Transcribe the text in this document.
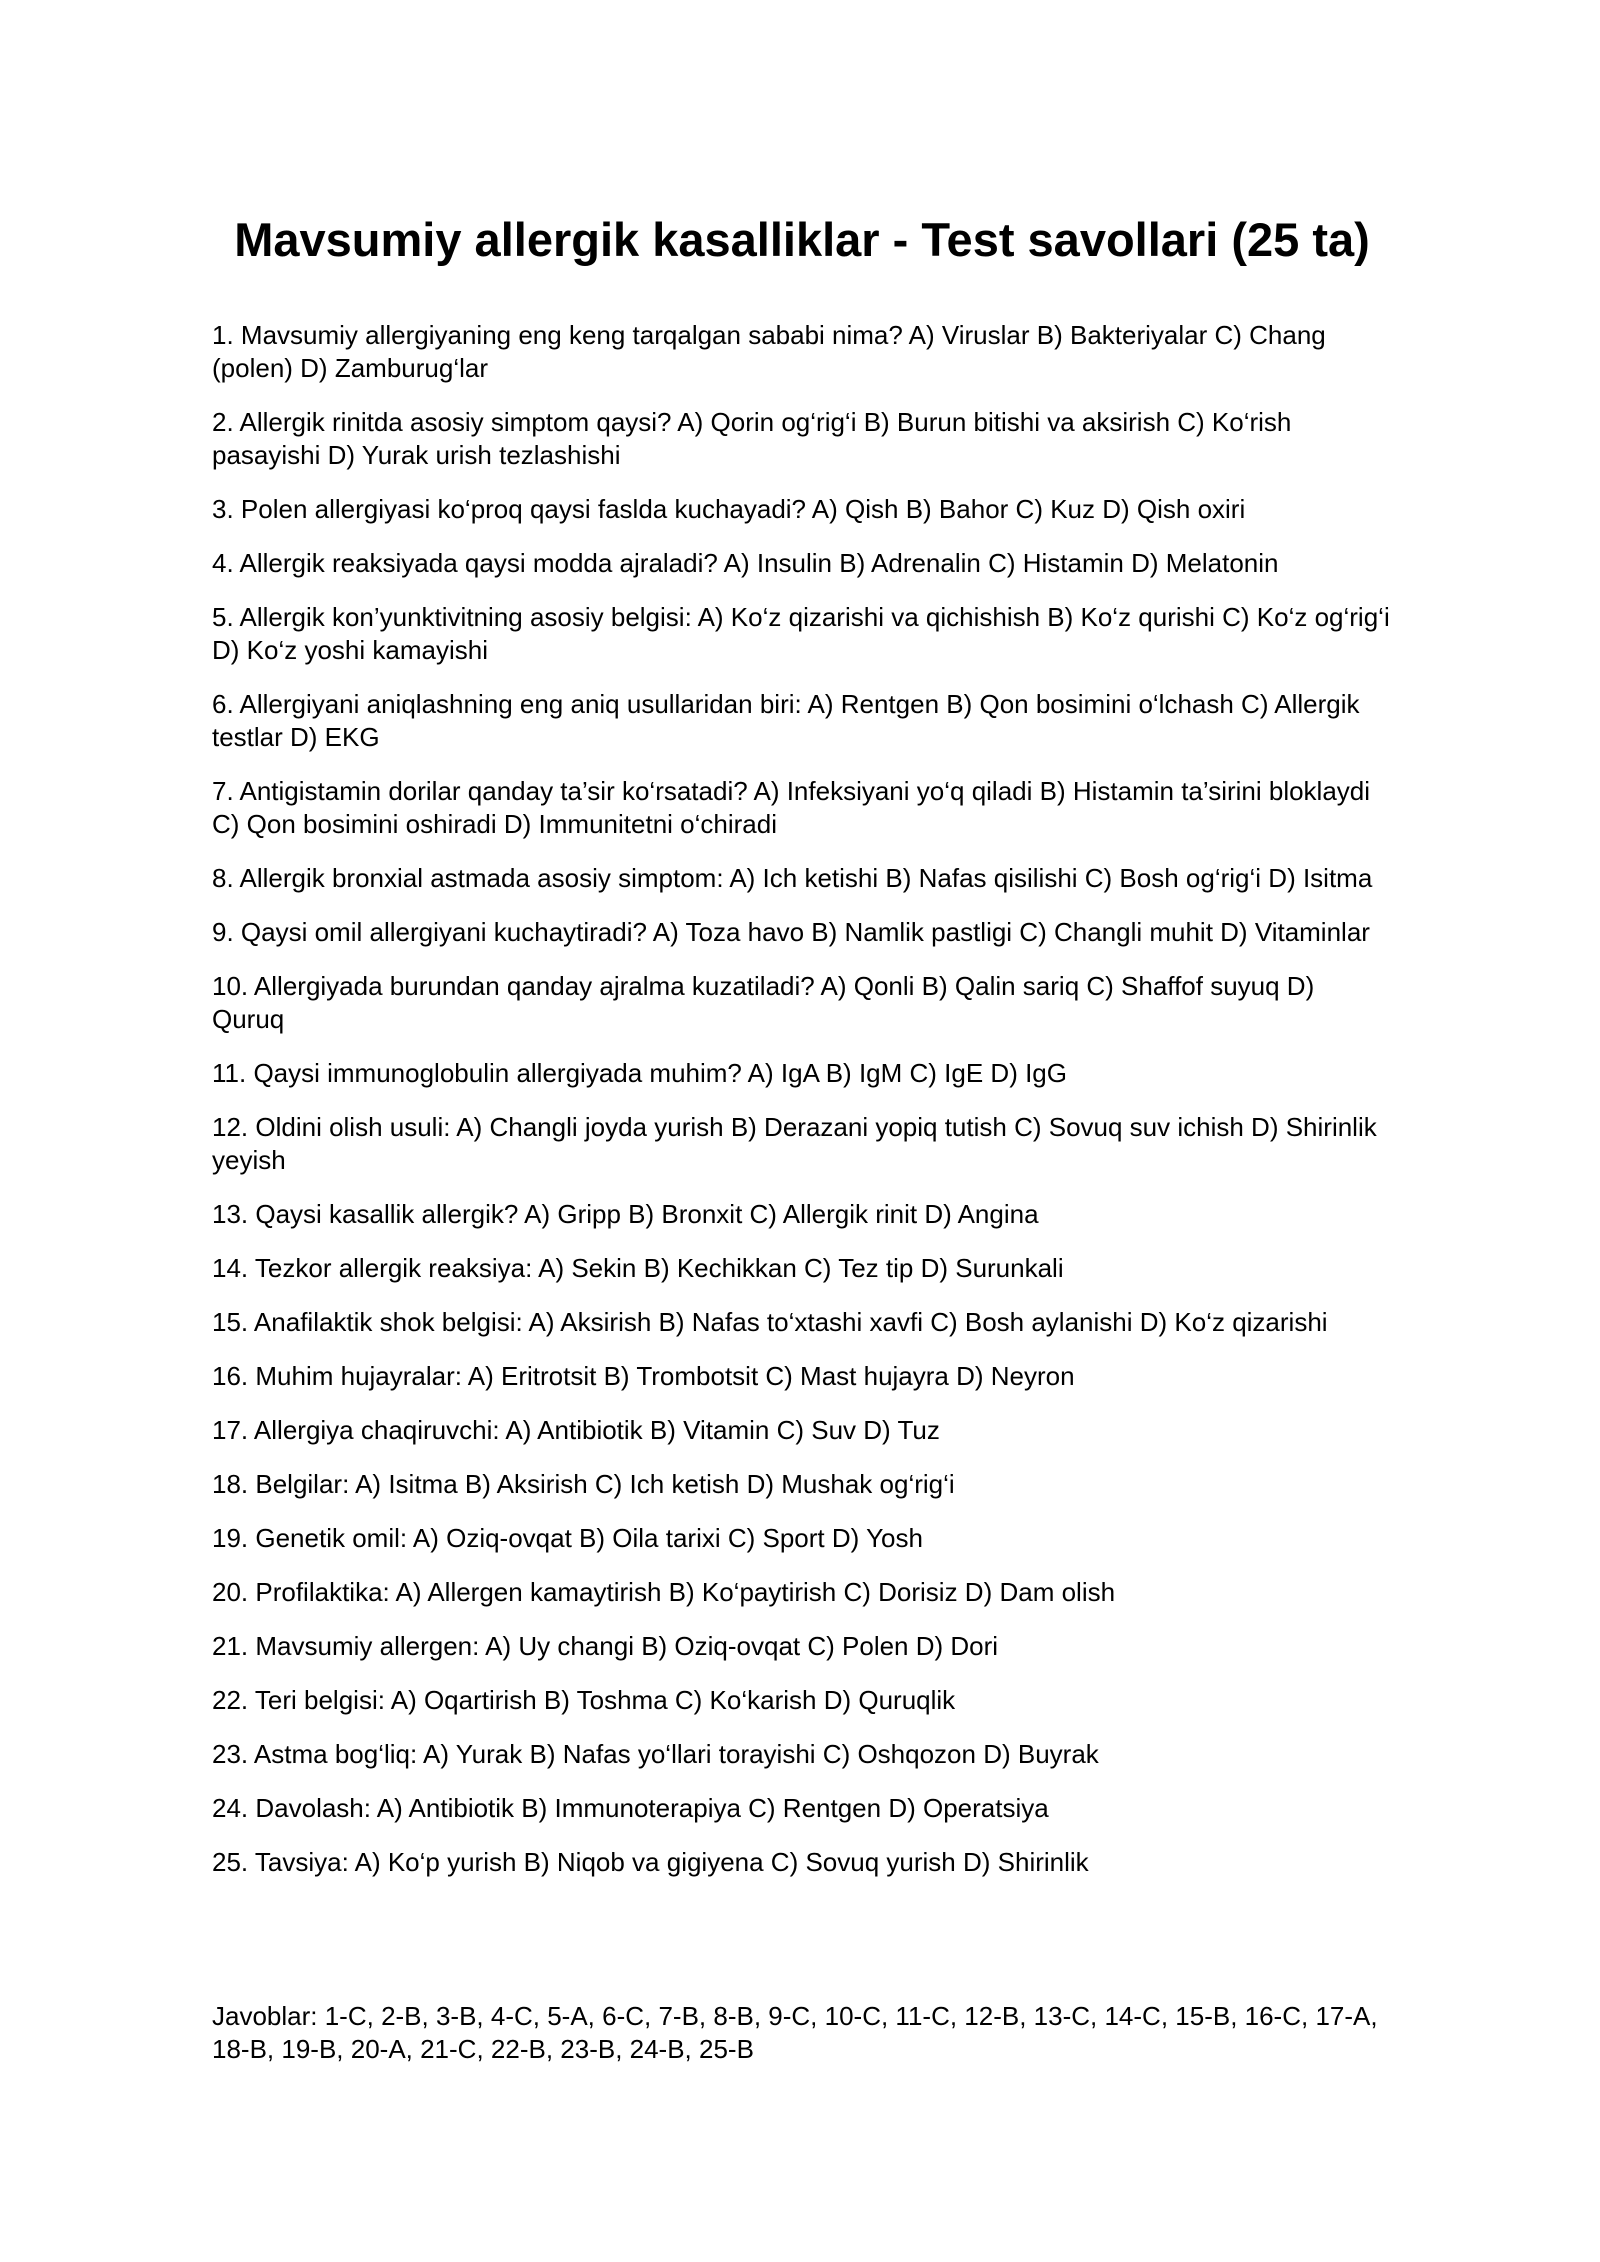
Mavsumiy allergik kasalliklar - Test savollari (25 ta)
1. Mavsumiy allergiyaning eng keng tarqalgan sababi nima? A) Viruslar B) Bakteriyalar C) Chang (polen) D) Zamburug‘lar
2. Allergik rinitda asosiy simptom qaysi? A) Qorin og‘rig‘i B) Burun bitishi va aksirish C) Ko‘rish pasayishi D) Yurak urish tezlashishi
3. Polen allergiyasi ko‘proq qaysi faslda kuchayadi? A) Qish B) Bahor C) Kuz D) Qish oxiri
4. Allergik reaksiyada qaysi modda ajraladi? A) Insulin B) Adrenalin C) Histamin D) Melatonin
5. Allergik kon’yunktivitning asosiy belgisi: A) Ko‘z qizarishi va qichishish B) Ko‘z qurishi C) Ko‘z og‘rig‘i D) Ko‘z yoshi kamayishi
6. Allergiyani aniqlashning eng aniq usullaridan biri: A) Rentgen B) Qon bosimini o‘lchash C) Allergik testlar D) EKG
7. Antigistamin dorilar qanday ta’sir ko‘rsatadi? A) Infeksiyani yo‘q qiladi B) Histamin ta’sirini bloklaydi C) Qon bosimini oshiradi D) Immunitetni o‘chiradi
8. Allergik bronxial astmada asosiy simptom: A) Ich ketishi B) Nafas qisilishi C) Bosh og‘rig‘i D) Isitma
9. Qaysi omil allergiyani kuchaytiradi? A) Toza havo B) Namlik pastligi C) Changli muhit D) Vitaminlar
10. Allergiyada burundan qanday ajralma kuzatiladi? A) Qonli B) Qalin sariq C) Shaffof suyuq D) Quruq
11. Qaysi immunoglobulin allergiyada muhim? A) IgA B) IgM C) IgE D) IgG
12. Oldini olish usuli: A) Changli joyda yurish B) Derazani yopiq tutish C) Sovuq suv ichish D) Shirinlik yeyish
13. Qaysi kasallik allergik? A) Gripp B) Bronxit C) Allergik rinit D) Angina
14. Tezkor allergik reaksiya: A) Sekin B) Kechikkan C) Tez tip D) Surunkali
15. Anafilaktik shok belgisi: A) Aksirish B) Nafas to‘xtashi xavfi C) Bosh aylanishi D) Ko‘z qizarishi
16. Muhim hujayralar: A) Eritrotsit B) Trombotsit C) Mast hujayra D) Neyron
17. Allergiya chaqiruvchi: A) Antibiotik B) Vitamin C) Suv D) Tuz
18. Belgilar: A) Isitma B) Aksirish C) Ich ketish D) Mushak og‘rig‘i
19. Genetik omil: A) Oziq-ovqat B) Oila tarixi C) Sport D) Yosh
20. Profilaktika: A) Allergen kamaytirish B) Ko‘paytirish C) Dorisiz D) Dam olish
21. Mavsumiy allergen: A) Uy changi B) Oziq-ovqat C) Polen D) Dori
22. Teri belgisi: A) Oqartirish B) Toshma C) Ko‘karish D) Quruqlik
23. Astma bog‘liq: A) Yurak B) Nafas yo‘llari torayishi C) Oshqozon D) Buyrak
24. Davolash: A) Antibiotik B) Immunoterapiya C) Rentgen D) Operatsiya
25. Tavsiya: A) Ko‘p yurish B) Niqob va gigiyena C) Sovuq yurish D) Shirinlik

Javoblar: 1-C, 2-B, 3-B, 4-C, 5-A, 6-C, 7-B, 8-B, 9-C, 10-C, 11-C, 12-B, 13-C, 14-C, 15-B, 16-C, 17-A, 18-B, 19-B, 20-A, 21-C, 22-B, 23-B, 24-B, 25-B
